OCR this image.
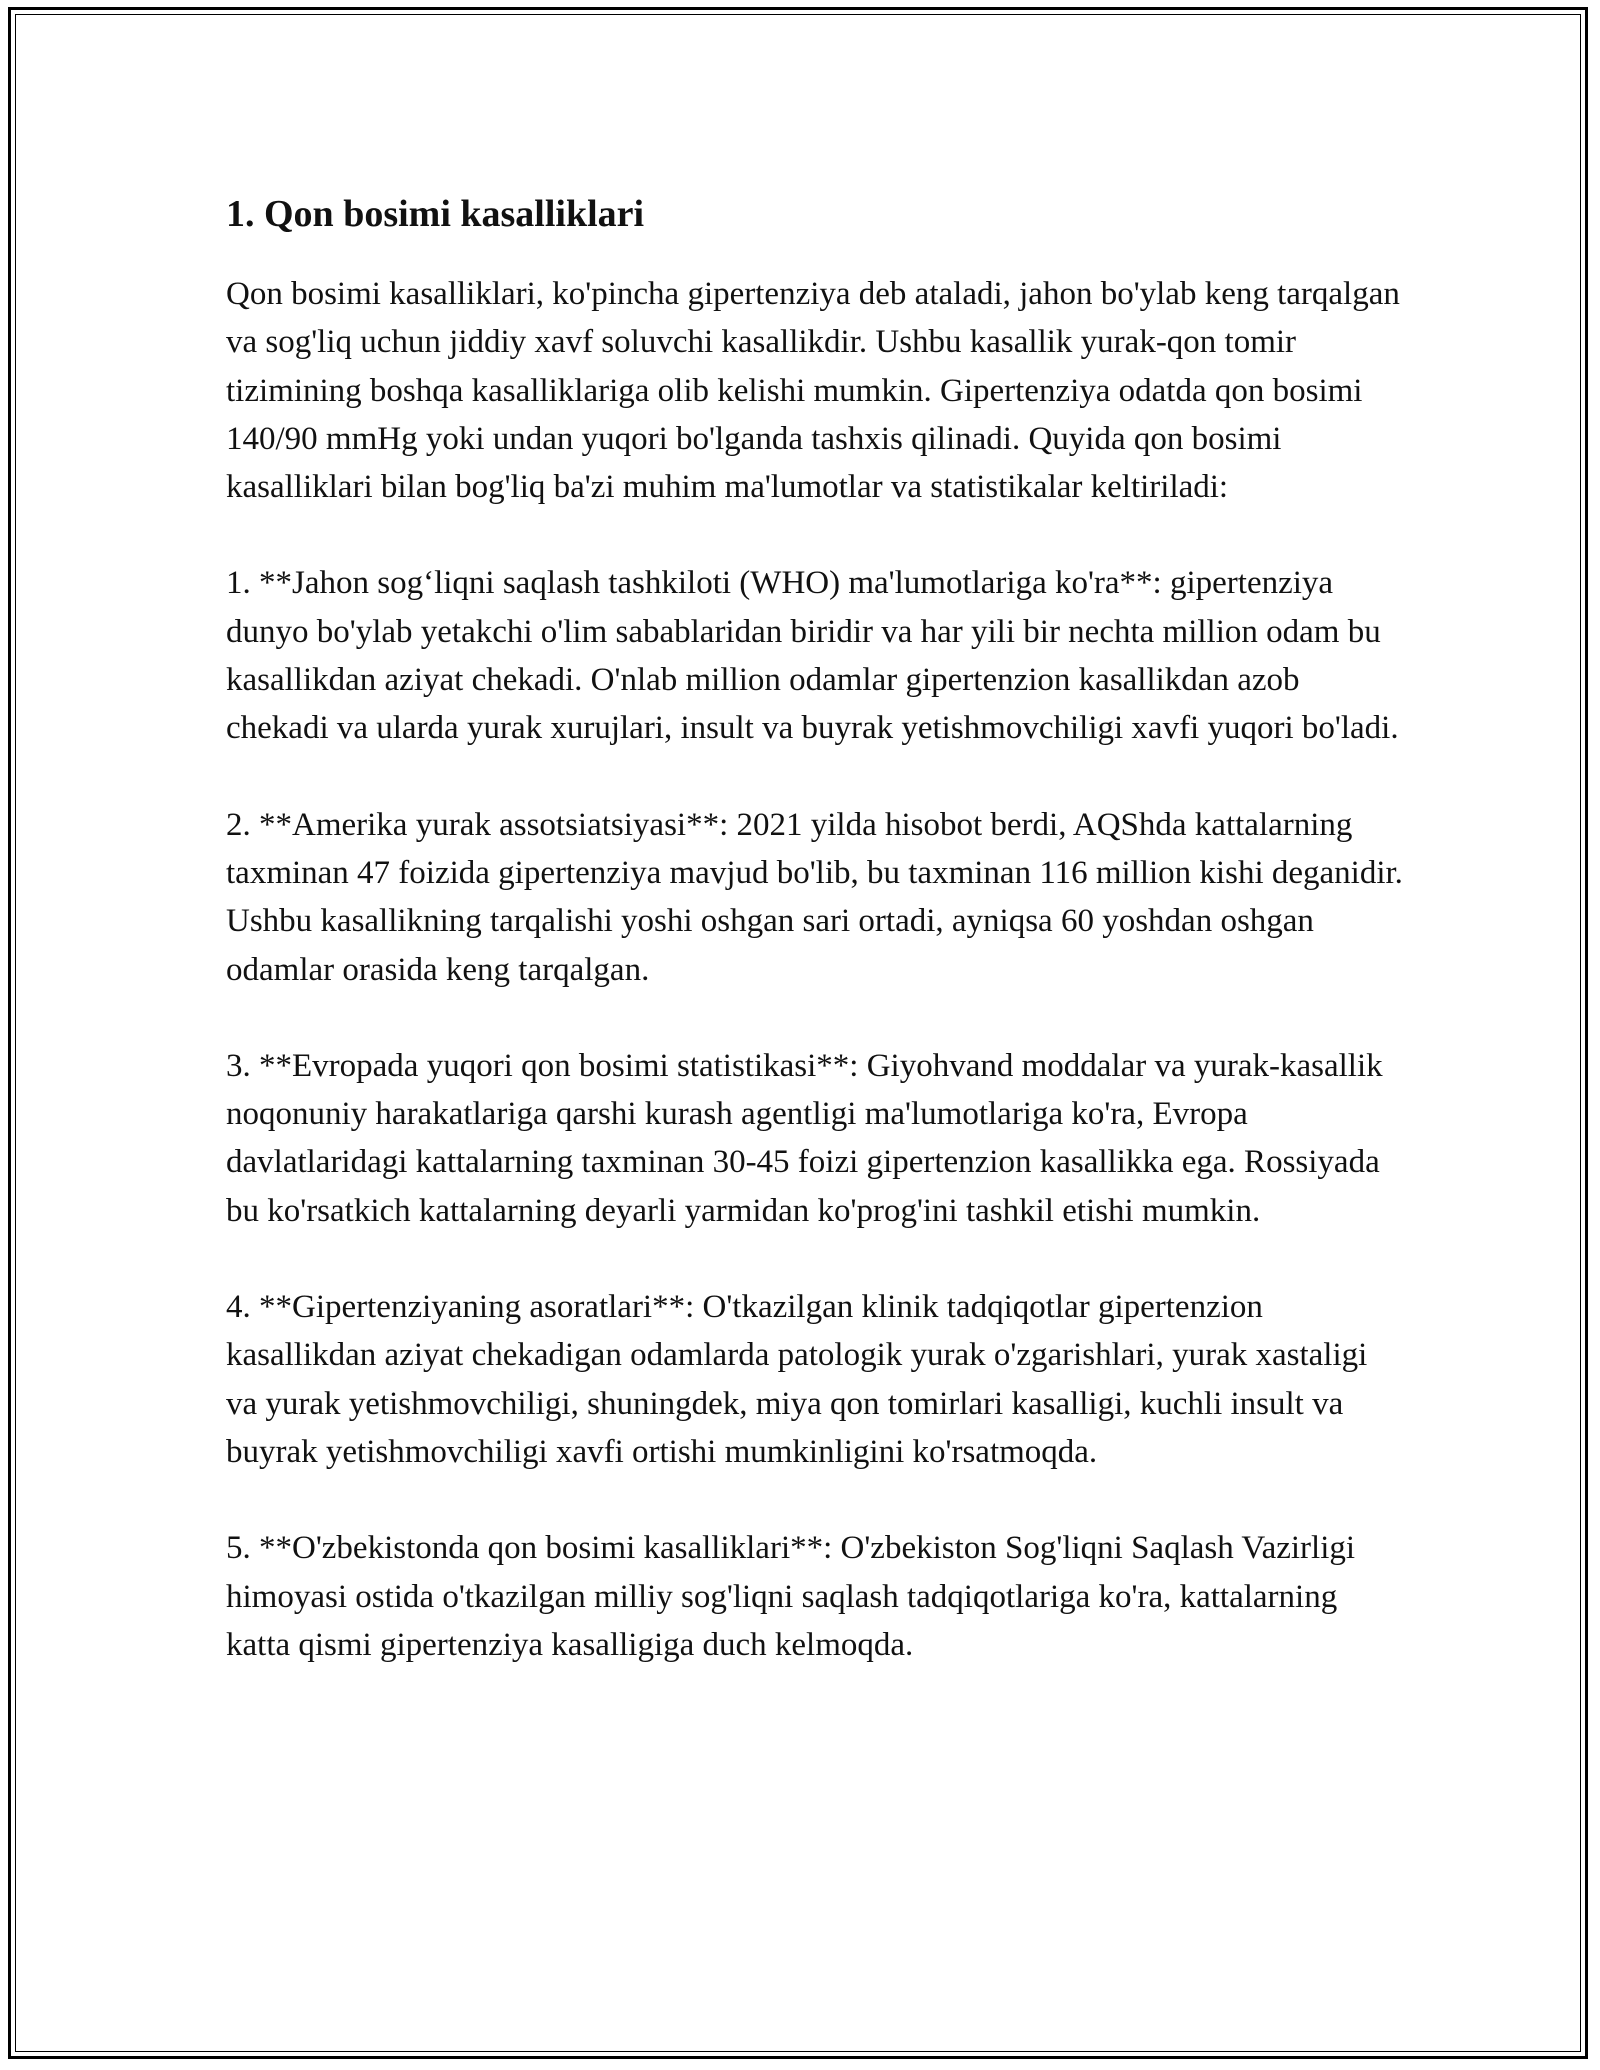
1. Qon bosimi kasalliklari

Qon bosimi kasalliklari, ko'pincha gipertenziya deb ataladi, jahon bo'ylab keng tarqalgan va sog'liq uchun jiddiy xavf soluvchi kasallikdir. Ushbu kasallik yurak-qon tomir tizimining boshqa kasalliklariga olib kelishi mumkin. Gipertenziya odatda qon bosimi 140/90 mmHg yoki undan yuqori bo'lganda tashxis qilinadi. Quyida qon bosimi kasalliklari bilan bog'liq ba'zi muhim ma'lumotlar va statistikalar keltiriladi:

1. **Jahon sog‘liqni saqlash tashkiloti (WHO) ma'lumotlariga ko'ra**: gipertenziya dunyo bo'ylab yetakchi o'lim sabablaridan biridir va har yili bir nechta million odam bu kasallikdan aziyat chekadi. O'nlab million odamlar gipertenzion kasallikdan azob chekadi va ularda yurak xurujlari, insult va buyrak yetishmovchiligi xavfi yuqori bo'ladi.

2. **Amerika yurak assotsiatsiyasi**: 2021 yilda hisobot berdi, AQShda kattalarning taxminan 47 foizida gipertenziya mavjud bo'lib, bu taxminan 116 million kishi deganidir. Ushbu kasallikning tarqalishi yoshi oshgan sari ortadi, ayniqsa 60 yoshdan oshgan odamlar orasida keng tarqalgan.

3. **Evropada yuqori qon bosimi statistikasi**: Giyohvand moddalar va yurak-kasallik noqonuniy harakatlariga qarshi kurash agentligi ma'lumotlariga ko'ra, Evropa davlatlaridagi kattalarning taxminan 30-45 foizi gipertenzion kasallikka ega. Rossiyada bu ko'rsatkich kattalarning deyarli yarmidan ko'prog'ini tashkil etishi mumkin.

4. **Gipertenziyaning asoratlari**: O'tkazilgan klinik tadqiqotlar gipertenzion kasallikdan aziyat chekadigan odamlarda patologik yurak o'zgarishlari, yurak xastaligi va yurak yetishmovchiligi, shuningdek, miya qon tomirlari kasalligi, kuchli insult va buyrak yetishmovchiligi xavfi ortishi mumkinligini ko'rsatmoqda.

5. **O'zbekistonda qon bosimi kasalliklari**: O'zbekiston Sog'liqni Saqlash Vazirligi himoyasi ostida o'tkazilgan milliy sog'liqni saqlash tadqiqotlariga ko'ra, kattalarning katta qismi gipertenziya kasalligiga duch kelmoqda.
